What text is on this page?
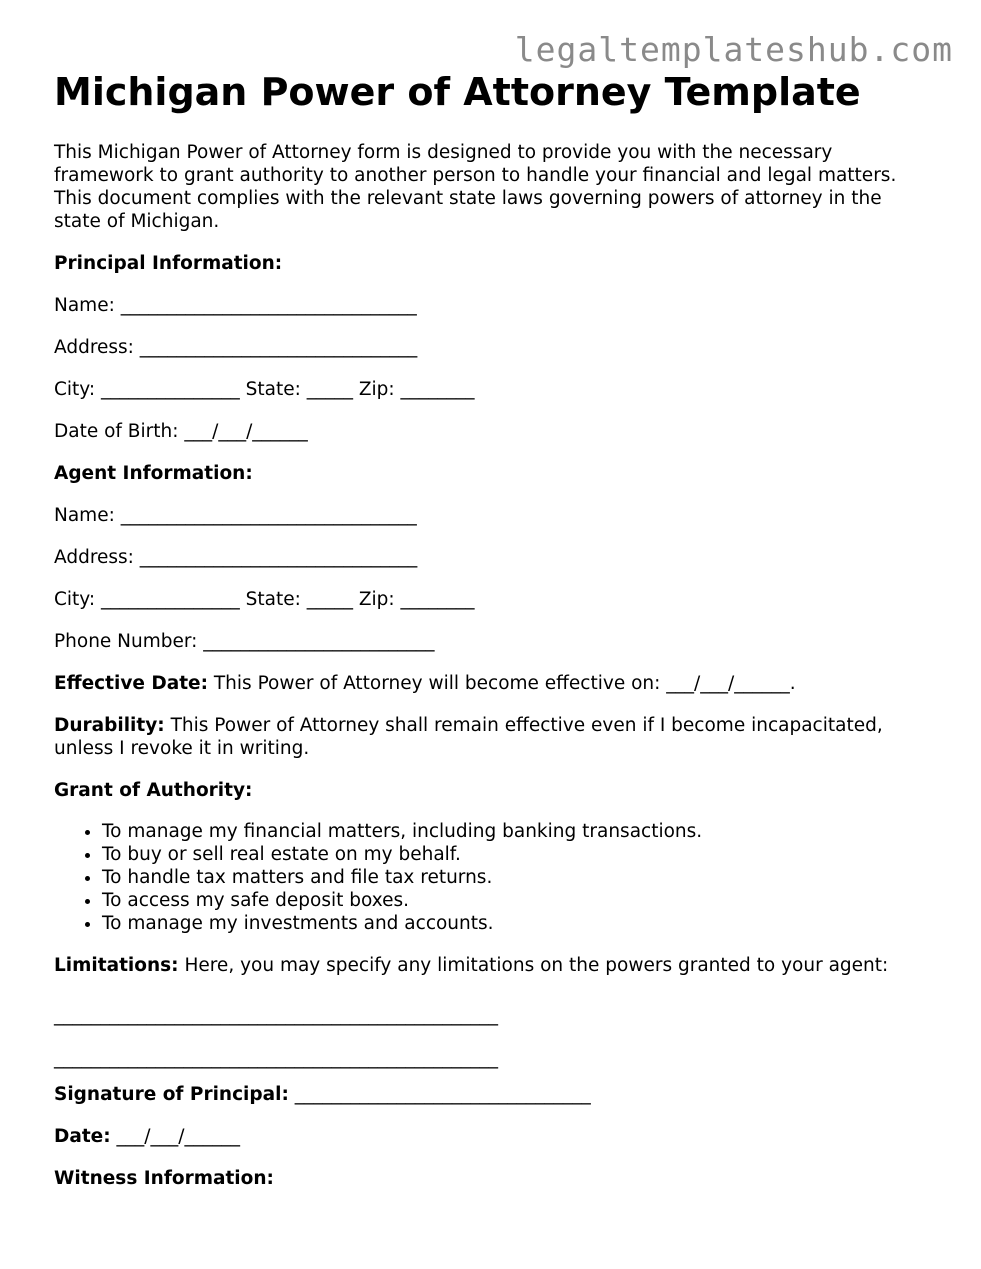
legaltemplateshub.com
Michigan Power of Attorney Template

This Michigan Power of Attorney form is designed to provide you with the necessary framework to grant authority to another person to handle your financial and legal matters. This document complies with the relevant state laws governing powers of attorney in the state of Michigan.

Principal Information:

Name: ________________________________

Address: ______________________________

City: _______________ State: _____ Zip: ________

Date of Birth: ___/___/______

Agent Information:

Name: ________________________________

Address: ______________________________

City: _______________ State: _____ Zip: ________

Phone Number: _________________________

Effective Date: This Power of Attorney will become effective on: ___/___/______.

Durability: This Power of Attorney shall remain effective even if I become incapacitated, unless I revoke it in writing.

Grant of Authority:

• To manage my financial matters, including banking transactions.
• To buy or sell real estate on my behalf.
• To handle tax matters and file tax returns.
• To access my safe deposit boxes.
• To manage my investments and accounts.

Limitations: Here, you may specify any limitations on the powers granted to your agent:

________________________________________________

________________________________________________

Signature of Principal: ________________________________

Date: ___/___/______

Witness Information:
